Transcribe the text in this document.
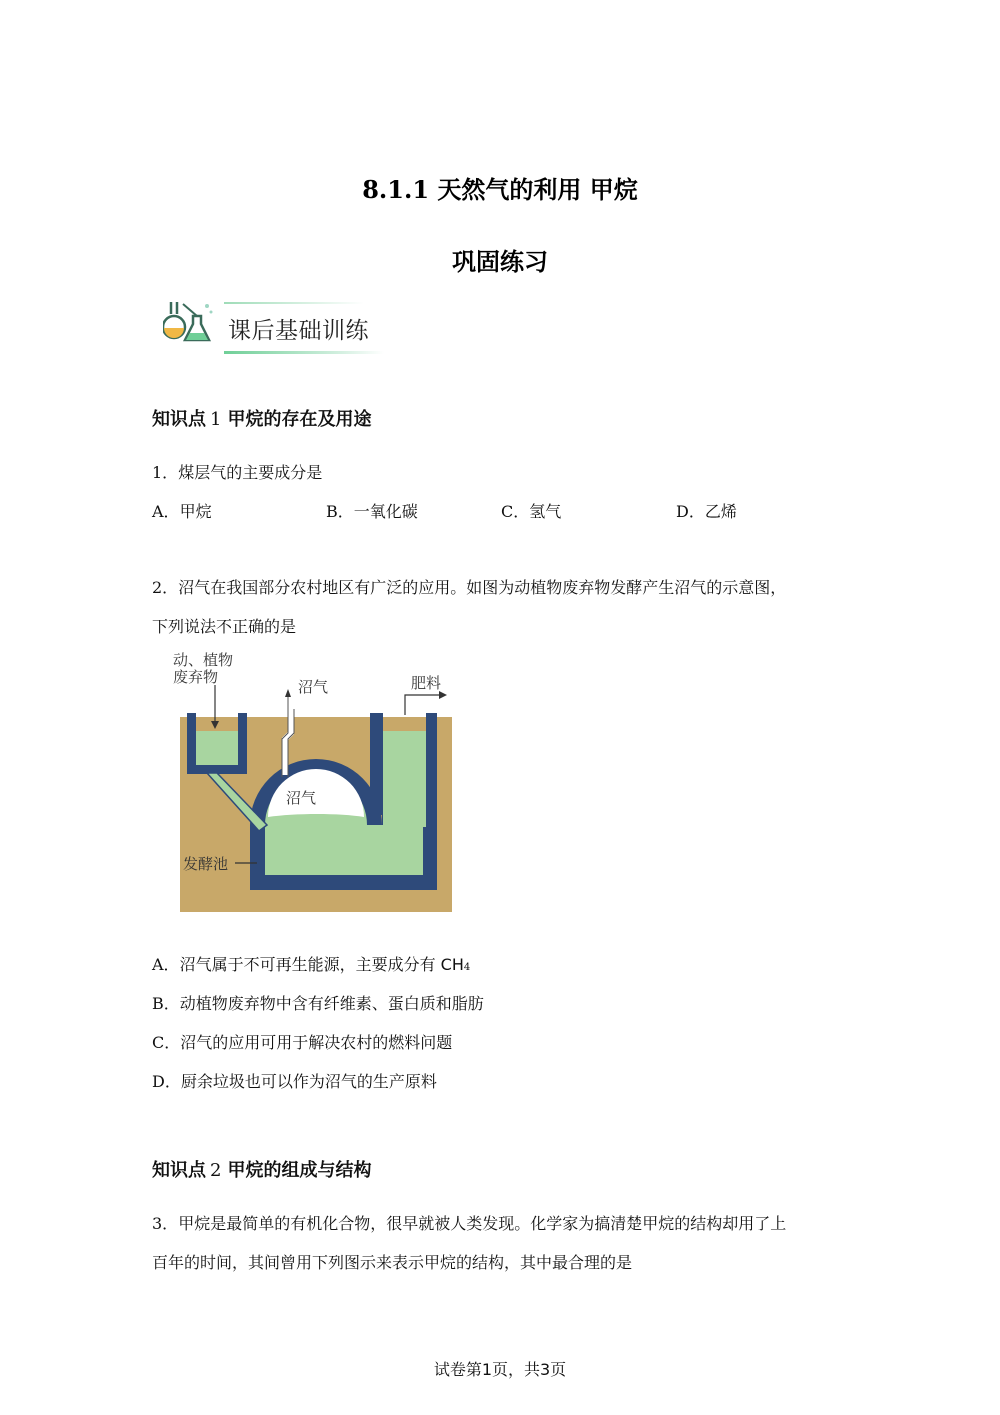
8.1.1 天然气的利用 甲烷
巩固练习
课后基础训练
知识点 1 甲烷的存在及用途
1．煤层气的主要成分是
A．甲烷	B．一氧化碳	C．氢气	D．乙烯
2．沼气在我国部分农村地区有广泛的应用。如图为动植物废弃物发酵产生沼气的示意图，
下列说法不正确的是
动、植物
废弃物
沼气	肥料
沼气
发酵池
A．沼气属于不可再生能源，主要成分有 CH4
B．动植物废弃物中含有纤维素、蛋白质和脂肪
C．沼气的应用可用于解决农村的燃料问题
D．厨余垃圾也可以作为沼气的生产原料
知识点 2 甲烷的组成与结构
3．甲烷是最简单的有机化合物，很早就被人类发现。化学家为搞清楚甲烷的结构却用了上
百年的时间，其间曾用下列图示来表示甲烷的结构，其中最合理的是
试卷第1页，共3页
